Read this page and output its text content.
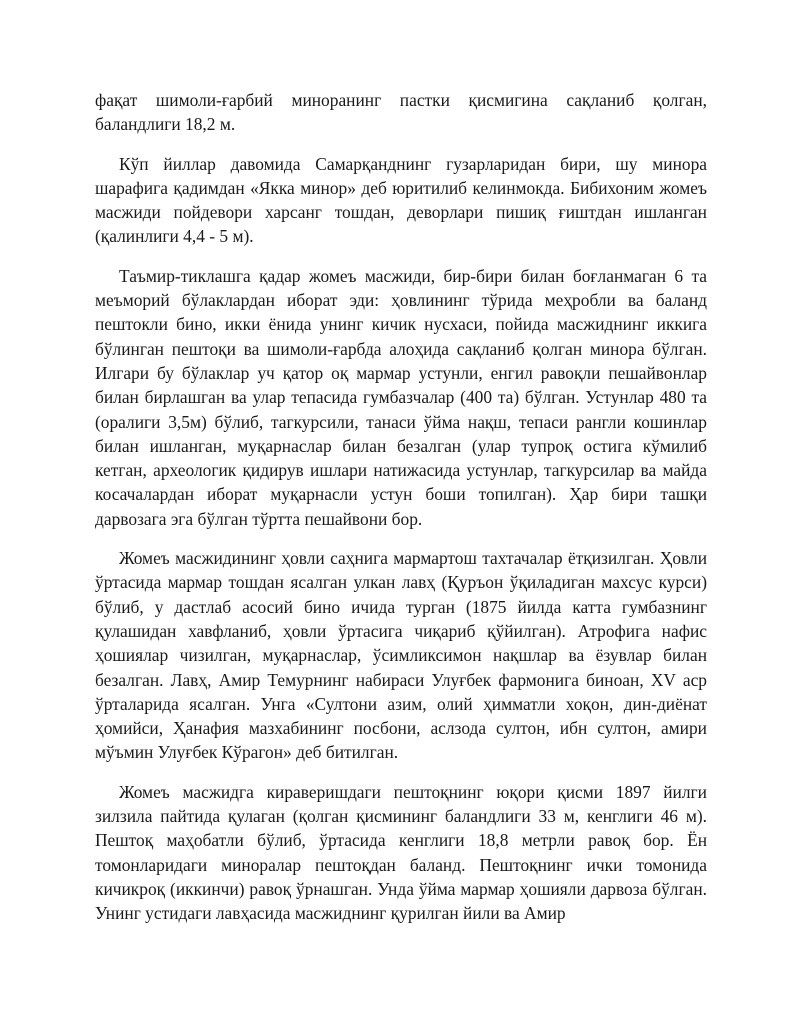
фақат шимоли-ғарбий миноранинг пастки қисмигина сақланиб қолган, баландлиги 18,2 м.

Кўп йиллар давомида Самарқанднинг гузарларидан бири, шу минора шарафига қадимдан «Якка минор» деб юритилиб келинмокда. Бибихоним жомеъ масжиди пойдевори харсанг тошдан, деворлари пишиқ ғиштдан ишланган (қалинлиги 4,4 - 5 м).

Таъмир-тиклашга қадар жомеъ масжиди, бир-бири билан боғланмаган 6 та меъморий бўлаклардан иборат эди: ҳовлининг тўрида меҳробли ва баланд пештокли бино, икки ёнида унинг кичик нусхаси, пойида масжиднинг иккига бўлинган пештоқи ва шимоли-ғарбда алоҳида сақланиб қолган минора бўлган. Илгари бу бўлаклар уч қатор оқ мармар устунли, енгил равоқли пешайвонлар билан бирлашган ва улар тепасида гумбазчалар (400 та) бўлган. Устунлар 480 та (оралиги 3,5м) бўлиб, тагкурсили, танаси ўйма нақш, тепаси рангли кошинлар билан ишланган, муқарнаслар билан безалган (улар тупроқ остига кўмилиб кетган, археологик қидирув ишлари натижасида устунлар, тагкурсилар ва майда косачалардан иборат муқарнасли устун боши топилган). Ҳар бири ташқи дарвозага эга бўлган тўртта пешайвони бор.

Жомеъ масжидининг ҳовли саҳнига мармартош тахтачалар ётқизилган. Ҳовли ўртасида мармар тошдан ясалган улкан лавҳ (Қуръон ўқиладиган махсус курси) бўлиб, у дастлаб асосий бино ичида турган (1875 йилда катта гумбазнинг қулашидан хавфланиб, ҳовли ўртасига чиқариб қўйилган). Атрофига нафис ҳошиялар чизилган, муқарнаслар, ўсимликсимон нақшлар ва ёзувлар билан безалган. Лавҳ, Амир Темурнинг набираси Улуғбек фармонига биноан, XV аср ўрталарида ясалган. Унга «Султони азим, олий ҳимматли хоқон, дин-диёнат ҳомийси, Ҳанафия мазхабининг посбони, аслзода султон, ибн султон, амири мўъмин Улуғбек Кўрагон» деб битилган.

Жомеъ масжидга кираверишдаги пештоқнинг юқори қисми 1897 йилги зилзила пайтида қулаган (қолган қисмининг баландлиги 33 м, кенглиги 46 м). Пештоқ маҳобатли бўлиб, ўртасида кенглиги 18,8 метрли равоқ бор. Ён томонларидаги миноралар пештоқдан баланд. Пештоқнинг ички томонида кичикроқ (иккинчи) равоқ ўрнашган. Унда ўйма мармар ҳошияли дарвоза бўлган. Унинг устидаги лавҳасида масжиднинг қурилган йили ва Амир
